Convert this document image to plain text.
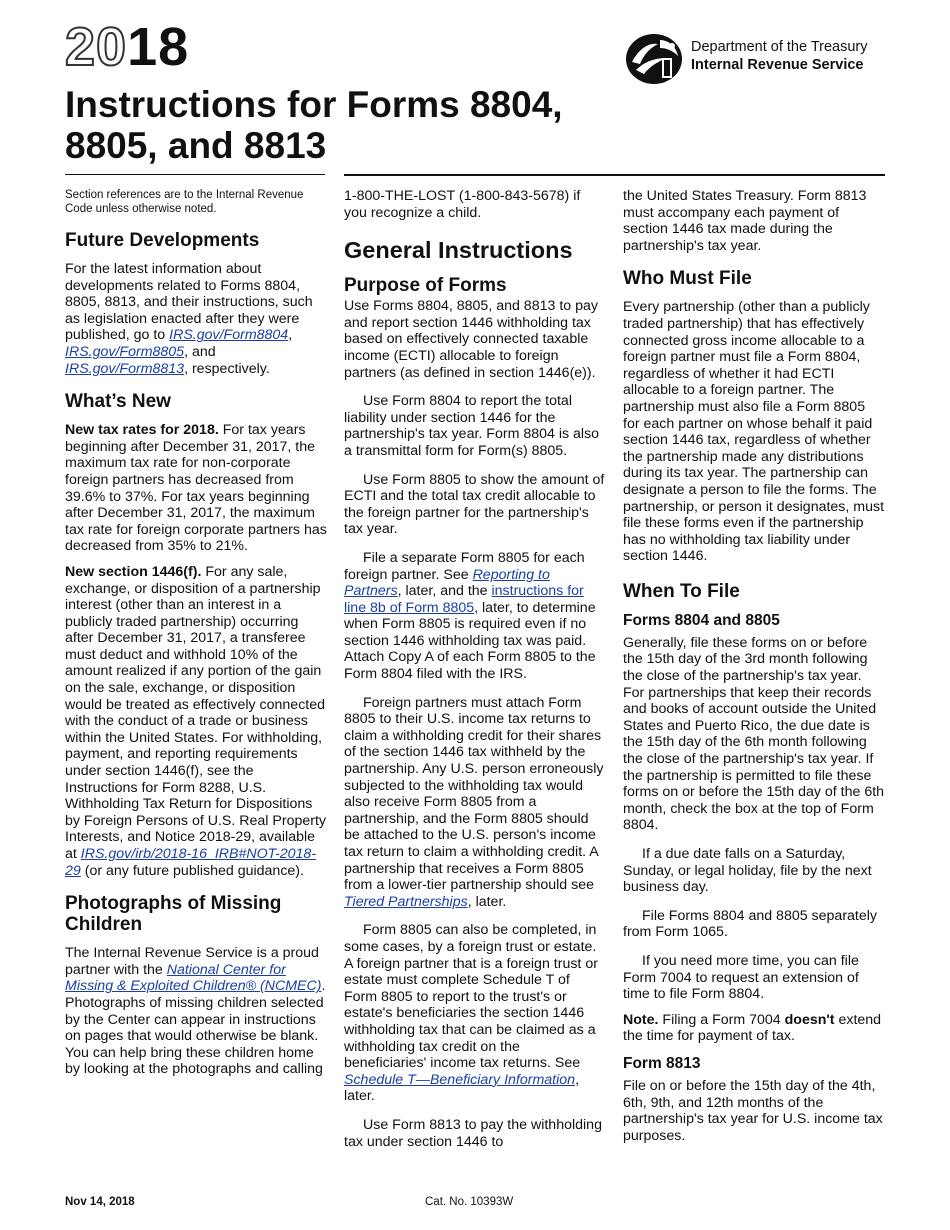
2018
Instructions for Forms 8804, 8805, and 8813
Department of the Treasury
Internal Revenue Service

Section references are to the Internal Revenue Code unless otherwise noted.

Future Developments

For the latest information about developments related to Forms 8804, 8805, 8813, and their instructions, such as legislation enacted after they were published, go to IRS.gov/Form8804, IRS.gov/Form8805, and IRS.gov/Form8813, respectively.

What’s New

New tax rates for 2018. For tax years beginning after December 31, 2017, the maximum tax rate for non-corporate foreign partners has decreased from 39.6% to 37%. For tax years beginning after December 31, 2017, the maximum tax rate for foreign corporate partners has decreased from 35% to 21%.

New section 1446(f). For any sale, exchange, or disposition of a partnership interest (other than an interest in a publicly traded partnership) occurring after December 31, 2017, a transferee must deduct and withhold 10% of the amount realized if any portion of the gain on the sale, exchange, or disposition would be treated as effectively connected with the conduct of a trade or business within the United States. For withholding, payment, and reporting requirements under section 1446(f), see the Instructions for Form 8288, U.S. Withholding Tax Return for Dispositions by Foreign Persons of U.S. Real Property Interests, and Notice 2018-29, available at IRS.gov/irb/2018-16_IRB#NOT-2018-29 (or any future published guidance).

Photographs of Missing Children

The Internal Revenue Service is a proud partner with the National Center for Missing & Exploited Children® (NCMEC). Photographs of missing children selected by the Center can appear in instructions on pages that would otherwise be blank. You can help bring these children home by looking at the photographs and calling

1-800-THE-LOST (1-800-843-5678) if you recognize a child.

General Instructions
Purpose of Forms

Use Forms 8804, 8805, and 8813 to pay and report section 1446 withholding tax based on effectively connected taxable income (ECTI) allocable to foreign partners (as defined in section 1446(e)).

Use Form 8804 to report the total liability under section 1446 for the partnership's tax year. Form 8804 is also a transmittal form for Form(s) 8805.

Use Form 8805 to show the amount of ECTI and the total tax credit allocable to the foreign partner for the partnership's tax year.

File a separate Form 8805 for each foreign partner. See Reporting to Partners, later, and the instructions for line 8b of Form 8805, later, to determine when Form 8805 is required even if no section 1446 withholding tax was paid. Attach Copy A of each Form 8805 to the Form 8804 filed with the IRS.

Foreign partners must attach Form 8805 to their U.S. income tax returns to claim a withholding credit for their shares of the section 1446 tax withheld by the partnership. Any U.S. person erroneously subjected to the withholding tax would also receive Form 8805 from a partnership, and the Form 8805 should be attached to the U.S. person's income tax return to claim a withholding credit. A partnership that receives a Form 8805 from a lower-tier partnership should see Tiered Partnerships, later.

Form 8805 can also be completed, in some cases, by a foreign trust or estate. A foreign partner that is a foreign trust or estate must complete Schedule T of Form 8805 to report to the trust's or estate's beneficiaries the section 1446 withholding tax that can be claimed as a withholding tax credit on the beneficiaries' income tax returns. See Schedule T—Beneficiary Information, later.

Use Form 8813 to pay the withholding tax under section 1446 to

the United States Treasury. Form 8813 must accompany each payment of section 1446 tax made during the partnership's tax year.

Who Must File

Every partnership (other than a publicly traded partnership) that has effectively connected gross income allocable to a foreign partner must file a Form 8804, regardless of whether it had ECTI allocable to a foreign partner. The partnership must also file a Form 8805 for each partner on whose behalf it paid section 1446 tax, regardless of whether the partnership made any distributions during its tax year. The partnership can designate a person to file the forms. The partnership, or person it designates, must file these forms even if the partnership has no withholding tax liability under section 1446.

When To File
Forms 8804 and 8805

Generally, file these forms on or before the 15th day of the 3rd month following the close of the partnership's tax year. For partnerships that keep their records and books of account outside the United States and Puerto Rico, the due date is the 15th day of the 6th month following the close of the partnership's tax year. If the partnership is permitted to file these forms on or before the 15th day of the 6th month, check the box at the top of Form 8804.

If a due date falls on a Saturday, Sunday, or legal holiday, file by the next business day.

File Forms 8804 and 8805 separately from Form 1065.

If you need more time, you can file Form 7004 to request an extension of time to file Form 8804.

Note. Filing a Form 7004 doesn't extend the time for payment of tax.

Form 8813

File on or before the 15th day of the 4th, 6th, 9th, and 12th months of the partnership's tax year for U.S. income tax purposes.

Nov 14, 2018	Cat. No. 10393W
